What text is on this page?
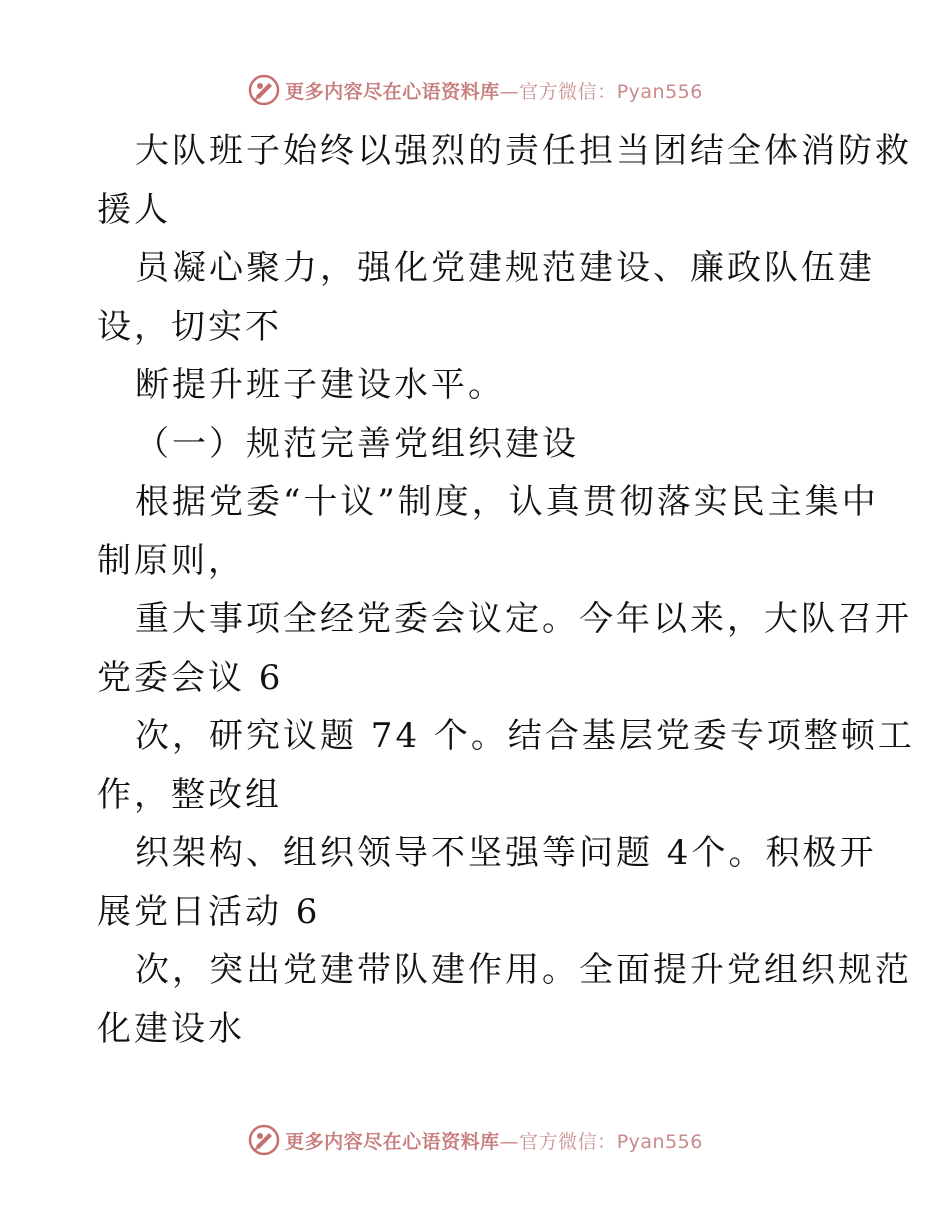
更多内容尽在心语资料库—官方微信：Pyan556
大队班子始终以强烈的责任担当团结全体消防救
援人
员凝心聚力，强化党建规范建设、廉政队伍建
设，切实不
断提升班子建设水平。
（一）规范完善党组织建设
根据党委“十议”制度，认真贯彻落实民主集中
制原则，
重大事项全经党委会议定。今年以来，大队召开
党委会议 6
次，研究议题 74 个。结合基层党委专项整顿工
作，整改组
织架构、组织领导不坚强等问题 4个。积极开
展党日活动 6
次，突出党建带队建作用。全面提升党组织规范
化建设水
更多内容尽在心语资料库—官方微信：Pyan556
